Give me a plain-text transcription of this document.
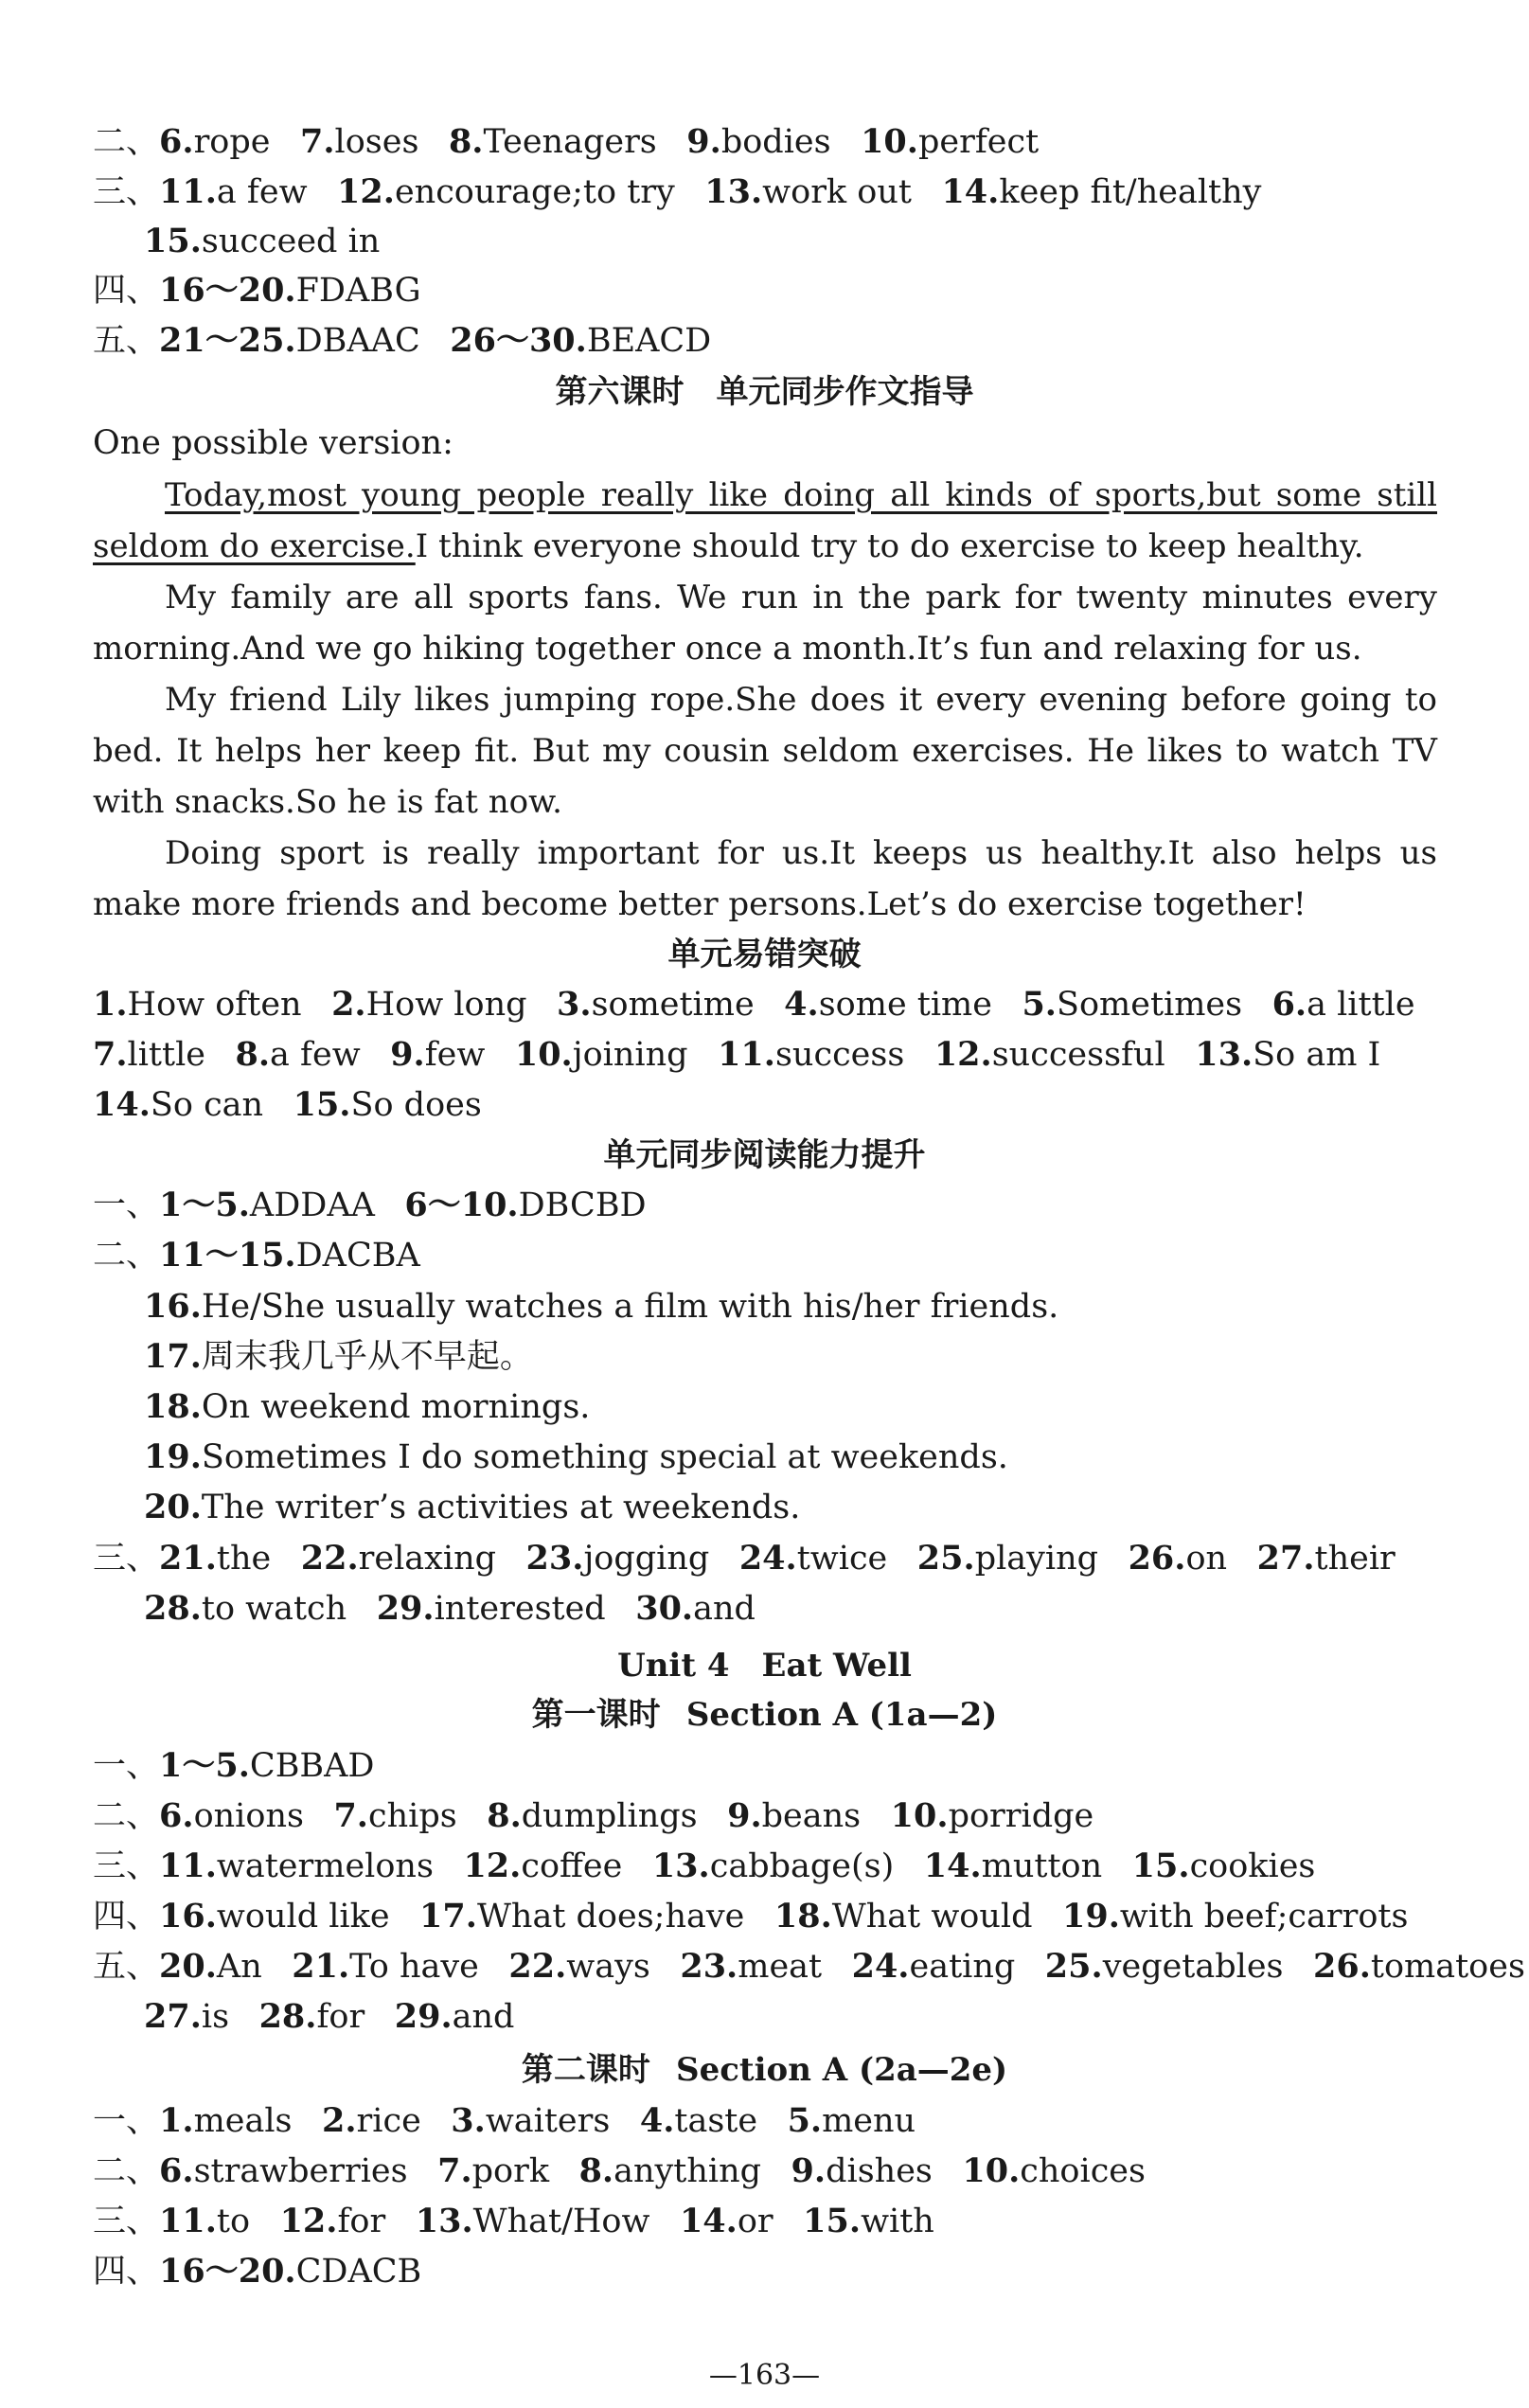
二、6.rope 7.loses 8.Teenagers 9.bodies 10.perfect
三、11.a few 12.encourage;to try 13.work out 14.keep fit/healthy
15.succeed in
四、16～20.FDABG
五、21～25.DBAAC 26～30.BEACD
第六课时　单元同步作文指导
One possible version:
Today,most young people really like doing all kinds of sports,but some still seldom do exercise.I think everyone should try to do exercise to keep healthy.
My family are all sports fans. We run in the park for twenty minutes every morning.And we go hiking together once a month.It’s fun and relaxing for us.
My friend Lily likes jumping rope.She does it every evening before going to bed. It helps her keep fit. But my cousin seldom exercises. He likes to watch TV with snacks.So he is fat now.
Doing sport is really important for us.It keeps us healthy.It also helps us make more friends and become better persons.Let’s do exercise together!
单元易错突破
1.How often 2.How long 3.sometime 4.some time 5.Sometimes 6.a little
7.little 8.a few 9.few 10.joining 11.success 12.successful 13.So am I
14.So can 15.So does
单元同步阅读能力提升
一、1～5.ADDAA 6～10.DBCBD
二、11～15.DACBA
16.He/She usually watches a film with his/her friends.
17.周末我几乎从不早起。
18.On weekend mornings.
19.Sometimes I do something special at weekends.
20.The writer’s activities at weekends.
三、21.the 22.relaxing 23.jogging 24.twice 25.playing 26.on 27.their
28.to watch 29.interested 30.and
Unit 4　Eat Well
第一课时 Section A (1a—2)
一、1～5.CBBAD
二、6.onions 7.chips 8.dumplings 9.beans 10.porridge
三、11.watermelons 12.coffee 13.cabbage(s) 14.mutton 15.cookies
四、16.would like 17.What does;have 18.What would 19.with beef;carrots
五、20.An 21.To have 22.ways 23.meat 24.eating 25.vegetables 26.tomatoes
27.is 28.for 29.and
第二课时 Section A (2a—2e)
一、1.meals 2.rice 3.waiters 4.taste 5.menu
二、6.strawberries 7.pork 8.anything 9.dishes 10.choices
三、11.to 12.for 13.What/How 14.or 15.with
四、16～20.CDACB
—163—
